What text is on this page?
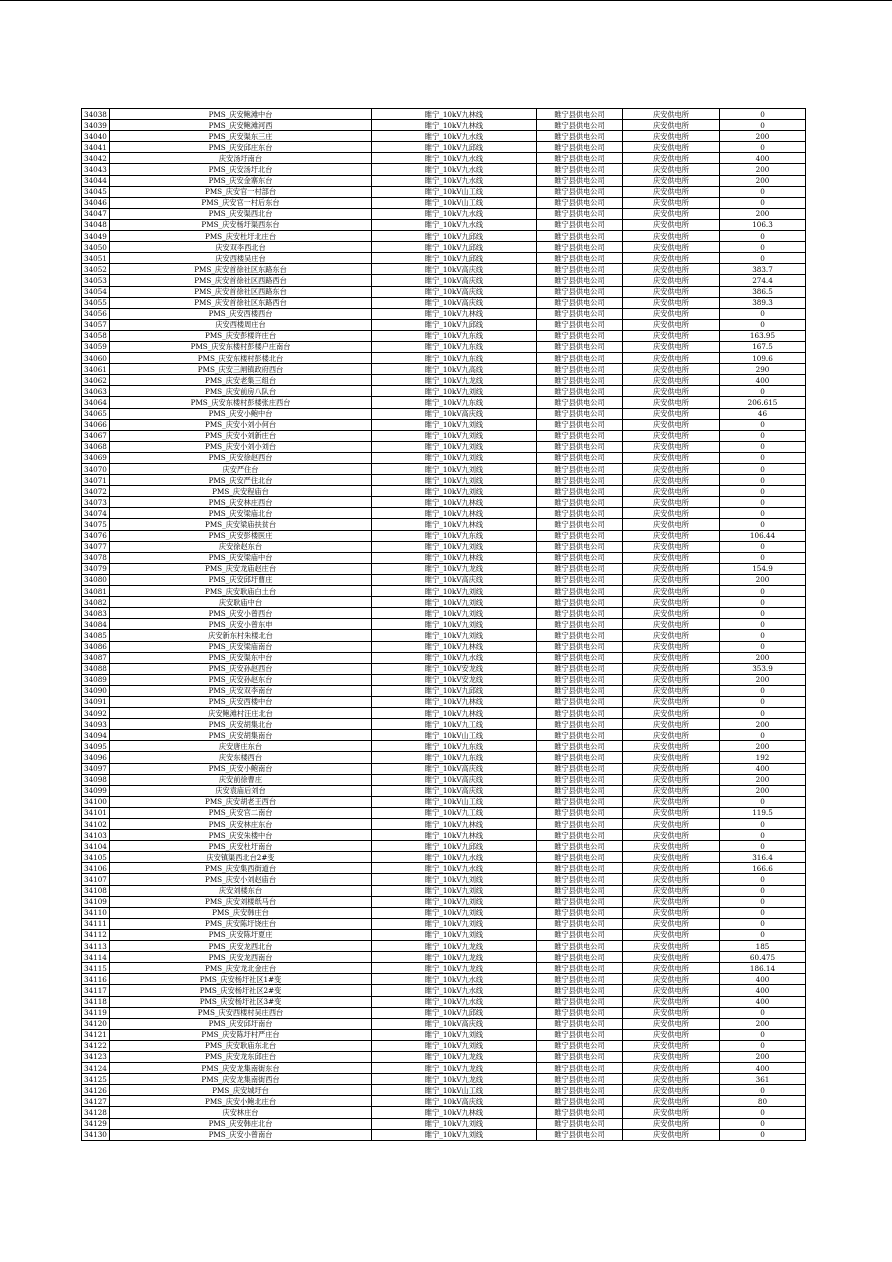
34038	PMS_庆安鲍滩中台	睢宁_10kV九林线	睢宁县供电公司	庆安供电所	0
34039	PMS_庆安鲍滩河西	睢宁_10kV九林线	睢宁县供电公司	庆安供电所	0
34040	PMS_庆安渠东三庄	睢宁_10kV九水线	睢宁县供电公司	庆安供电所	200
34041	PMS_庆安邱庄东台	睢宁_10kV九邱线	睢宁县供电公司	庆安供电所	0
34042	庆安汤圩南台	睢宁_10kV九水线	睢宁县供电公司	庆安供电所	400
34043	PMS_庆安汤圩北台	睢宁_10kV九水线	睢宁县供电公司	庆安供电所	200
34044	PMS_庆安金寨东台	睢宁_10kV九水线	睢宁县供电公司	庆安供电所	200
34045	PMS_庆安官一村部台	睢宁_10kV山工线	睢宁县供电公司	庆安供电所	0
34046	PMS_庆安官一村后东台	睢宁_10kV山工线	睢宁县供电公司	庆安供电所	0
34047	PMS_庆安渠西北台	睢宁_10kV九水线	睢宁县供电公司	庆安供电所	200
34048	PMS_庆安杨圩渠西东台	睢宁_10kV九水线	睢宁县供电公司	庆安供电所	106.3
34049	PMS_庆安杜圩北庄台	睢宁_10kV九邱线	睢宁县供电公司	庆安供电所	0
34050	庆安双李西北台	睢宁_10kV九邱线	睢宁县供电公司	庆安供电所	0
34051	庆安西楼吴庄台	睢宁_10kV九邱线	睢宁县供电公司	庆安供电所	0
34052	PMS_庆安首徐社区东路东台	睢宁_10kV高庆线	睢宁县供电公司	庆安供电所	383.7
34053	PMS_庆安首徐社区西路西台	睢宁_10kV高庆线	睢宁县供电公司	庆安供电所	274.4
34054	PMS_庆安首徐社区西路东台	睢宁_10kV高庆线	睢宁县供电公司	庆安供电所	386.5
34055	PMS_庆安首徐社区东路西台	睢宁_10kV高庆线	睢宁县供电公司	庆安供电所	389.3
34056	PMS_庆安西楼西台	睢宁_10kV九林线	睢宁县供电公司	庆安供电所	0
34057	庆安西楼周庄台	睢宁_10kV九邱线	睢宁县供电公司	庆安供电所	0
34058	PMS_庆安彭楼许庄台	睢宁_10kV九东线	睢宁县供电公司	庆安供电所	163.95
34059	PMS_庆安东楼村彭楼户庄南台	睢宁_10kV九东线	睢宁县供电公司	庆安供电所	167.5
34060	PMS_庆安东楼村彭楼北台	睢宁_10kV九东线	睢宁县供电公司	庆安供电所	109.6
34061	PMS_庆安三闸镇政府西台	睢宁_10kV九高线	睢宁县供电公司	庆安供电所	290
34062	PMS_庆安老集三组台	睢宁_10kV九龙线	睢宁县供电公司	庆安供电所	400
34063	PMS_庆安前房八队台	睢宁_10kV九刘线	睢宁县供电公司	庆安供电所	0
34064	PMS_庆安东楼村彭楼张庄西台	睢宁_10kV九东线	睢宁县供电公司	庆安供电所	206.615
34065	PMS_庆安小鲍中台	睢宁_10kV高庆线	睢宁县供电公司	庆安供电所	46
34066	PMS_庆安小刘小何台	睢宁_10kV九刘线	睢宁县供电公司	庆安供电所	0
34067	PMS_庆安小刘新庄台	睢宁_10kV九刘线	睢宁县供电公司	庆安供电所	0
34068	PMS_庆安小刘小刘台	睢宁_10kV九刘线	睢宁县供电公司	庆安供电所	0
34069	PMS_庆安徐赵西台	睢宁_10kV九刘线	睢宁县供电公司	庆安供电所	0
34070	庆安严住台	睢宁_10kV九刘线	睢宁县供电公司	庆安供电所	0
34071	PMS_庆安严住北台	睢宁_10kV九刘线	睢宁县供电公司	庆安供电所	0
34072	PMS_庆安程庙台	睢宁_10kV九刘线	睢宁县供电公司	庆安供电所	0
34073	PMS_庆安林庄西台	睢宁_10kV九林线	睢宁县供电公司	庆安供电所	0
34074	PMS_庆安梁庙北台	睢宁_10kV九林线	睢宁县供电公司	庆安供电所	0
34075	PMS_庆安梁庙扶贫台	睢宁_10kV九林线	睢宁县供电公司	庆安供电所	0
34076	PMS_庆安彭楼医庄	睢宁_10kV九东线	睢宁县供电公司	庆安供电所	106.44
34077	庆安徐赵东台	睢宁_10kV九刘线	睢宁县供电公司	庆安供电所	0
34078	PMS_庆安梁庙中台	睢宁_10kV九林线	睢宁县供电公司	庆安供电所	0
34079	PMS_庆安龙庙赵庄台	睢宁_10kV九龙线	睢宁县供电公司	庆安供电所	154.9
34080	PMS_庆安邱圩曹庄	睢宁_10kV高庆线	睢宁县供电公司	庆安供电所	200
34081	PMS_庆安耿庙白土台	睢宁_10kV九刘线	睢宁县供电公司	庆安供电所	0
34082	庆安耿庙中台	睢宁_10kV九刘线	睢宁县供电公司	庆安供电所	0
34083	PMS_庆安小曾西台	睢宁_10kV九刘线	睢宁县供电公司	庆安供电所	0
34084	PMS_庆安小曾东申	睢宁_10kV九刘线	睢宁县供电公司	庆安供电所	0
34085	庆安新东村朱楼北台	睢宁_10kV九刘线	睢宁县供电公司	庆安供电所	0
34086	PMS_庆安梁庙南台	睢宁_10kV九林线	睢宁县供电公司	庆安供电所	0
34087	PMS_庆安渠东中台	睢宁_10kV九水线	睢宁县供电公司	庆安供电所	200
34088	PMS_庆安孙赵西台	睢宁_10kV安龙线	睢宁县供电公司	庆安供电所	353.9
34089	PMS_庆安孙赵东台	睢宁_10kV安龙线	睢宁县供电公司	庆安供电所	200
34090	PMS_庆安双李南台	睢宁_10kV九邱线	睢宁县供电公司	庆安供电所	0
34091	PMS_庆安西楼中台	睢宁_10kV九林线	睢宁县供电公司	庆安供电所	0
34092	庆安鲍滩村汪庄北台	睢宁_10kV九林线	睢宁县供电公司	庆安供电所	0
34093	PMS_庆安胡集北台	睢宁_10kV九工线	睢宁县供电公司	庆安供电所	200
34094	PMS_庆安胡集南台	睢宁_10kV山工线	睢宁县供电公司	庆安供电所	0
34095	庆安唐庄东台	睢宁_10kV九东线	睢宁县供电公司	庆安供电所	200
34096	庆安东楼西台	睢宁_10kV九东线	睢宁县供电公司	庆安供电所	192
34097	PMS_庆安小鲍南台	睢宁_10kV高庆线	睢宁县供电公司	庆安供电所	400
34098	庆安前徐曹庄	睢宁_10kV高庆线	睢宁县供电公司	庆安供电所	200
34099	庆安袁庙后刘台	睢宁_10kV高庆线	睢宁县供电公司	庆安供电所	200
34100	PMS_庆安胡老王西台	睢宁_10kV山工线	睢宁县供电公司	庆安供电所	0
34101	PMS_庆安官二南台	睢宁_10kV九工线	睢宁县供电公司	庆安供电所	119.5
34102	PMS_庆安林庄东台	睢宁_10kV九林线	睢宁县供电公司	庆安供电所	0
34103	PMS_庆安朱楼中台	睢宁_10kV九林线	睢宁县供电公司	庆安供电所	0
34104	PMS_庆安杜圩南台	睢宁_10kV九邱线	睢宁县供电公司	庆安供电所	0
34105	庆安镇渠西北台2#变	睢宁_10kV九水线	睢宁县供电公司	庆安供电所	316.4
34106	PMS_庆安集西街道台	睢宁_10kV九水线	睢宁县供电公司	庆安供电所	166.6
34107	PMS_庆安小刘赵庙台	睢宁_10kV九刘线	睢宁县供电公司	庆安供电所	0
34108	庆安刘楼东台	睢宁_10kV九刘线	睢宁县供电公司	庆安供电所	0
34109	PMS_庆安刘楼纸马台	睢宁_10kV九刘线	睢宁县供电公司	庆安供电所	0
34110	PMS_庆安韩庄台	睢宁_10kV九刘线	睢宁县供电公司	庆安供电所	0
34111	PMS_庆安陈圩饶庄台	睢宁_10kV九刘线	睢宁县供电公司	庆安供电所	0
34112	PMS_庆安陈圩夏庄	睢宁_10kV九刘线	睢宁县供电公司	庆安供电所	0
34113	PMS_庆安龙西北台	睢宁_10kV九龙线	睢宁县供电公司	庆安供电所	185
34114	PMS_庆安龙西南台	睢宁_10kV九龙线	睢宁县供电公司	庆安供电所	60.475
34115	PMS_庆安龙北金庄台	睢宁_10kV九龙线	睢宁县供电公司	庆安供电所	186.14
34116	PMS_庆安杨圩社区1#变	睢宁_10kV九水线	睢宁县供电公司	庆安供电所	400
34117	PMS_庆安杨圩社区2#变	睢宁_10kV九水线	睢宁县供电公司	庆安供电所	400
34118	PMS_庆安杨圩社区3#变	睢宁_10kV九水线	睢宁县供电公司	庆安供电所	400
34119	PMS_庆安西楼村吴庄西台	睢宁_10kV九邱线	睢宁县供电公司	庆安供电所	0
34120	PMS_庆安邱圩南台	睢宁_10kV高庆线	睢宁县供电公司	庆安供电所	200
34121	PMS_庆安陈圩村严庄台	睢宁_10kV九刘线	睢宁县供电公司	庆安供电所	0
34122	PMS_庆安耿庙东北台	睢宁_10kV九刘线	睢宁县供电公司	庆安供电所	0
34123	PMS_庆安龙东邱庄台	睢宁_10kV九龙线	睢宁县供电公司	庆安供电所	200
34124	PMS_庆安龙集南街东台	睢宁_10kV九龙线	睢宁县供电公司	庆安供电所	400
34125	PMS_庆安龙集南街西台	睢宁_10kV九龙线	睢宁县供电公司	庆安供电所	361
34126	PMS_庆安城圩台	睢宁_10kV山工线	睢宁县供电公司	庆安供电所	0
34127	PMS_庆安小鲍北庄台	睢宁_10kV高庆线	睢宁县供电公司	庆安供电所	80
34128	庆安林庄台	睢宁_10kV九林线	睢宁县供电公司	庆安供电所	0
34129	PMS_庆安韩庄北台	睢宁_10kV九刘线	睢宁县供电公司	庆安供电所	0
34130	PMS_庆安小曾南台	睢宁_10kV九刘线	睢宁县供电公司	庆安供电所	0
